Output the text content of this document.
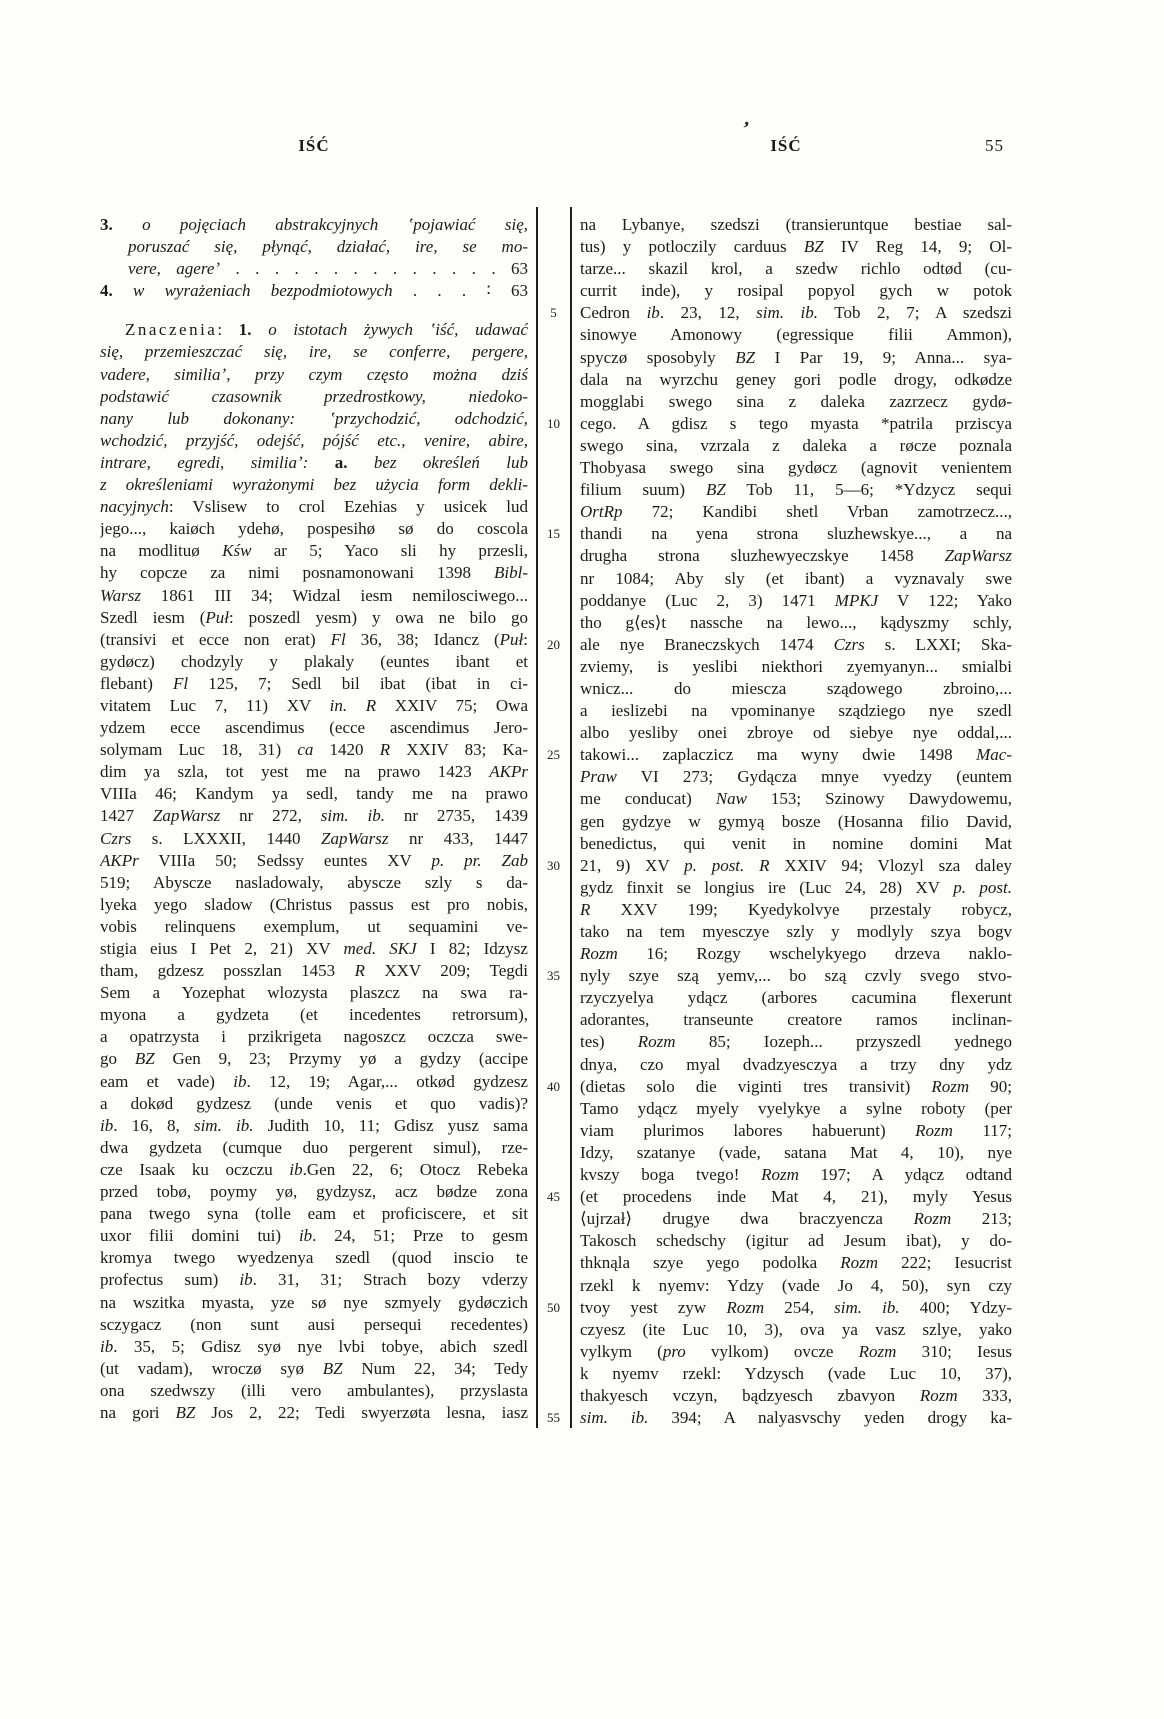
IŚĆ
’
IŚĆ	55
3. o pojęciach abstrakcyjnych ʽpojawiać się,
poruszać się, płynąć, działać, ire, se mo-
vere, agereʼ . . . . . . . . . . . . . . 63
4. w wyrażeniach bezpodmiotowych . . . ∶ 63
Znaczenia: 1. o istotach żywych ʽiść, udawać
się, przemieszczać się, ire, se conferre, pergere,
vadere, similiaʼ, przy czym często można dziś
podstawić czasownik przedrostkowy, niedoko-
nany lub dokonany: ʽprzychodzić, odchodzić,
wchodzić, przyjść, odejść, pójść etc., venire, abire,
intrare, egredi, similiaʼ: a. bez określeń lub
z określeniami wyrażonymi bez użycia form dekli-
nacyjnych: Vslisew to crol Ezehias y usicek lud
jego..., kaiøch ydehø, pospesihø sø do coscola
na modlituø Kśw ar 5; Yaco sli hy przesli,
hy copcze za nimi posnamonowani 1398 Bibl-
Warsz 1861 III 34; Widzal iesm nemilosciwego...
Szedl iesm (Puł: poszedl yesm) y owa ne bilo go
(transivi et ecce non erat) Fl 36, 38; Idancz (Puł:
gydøcz) chodzyly y plakaly (euntes ibant et
flebant) Fl 125, 7; Sedl bil ibat (ibat in ci-
vitatem Luc 7, 11) XV in. R XXIV 75; Owa
ydzem ecce ascendimus (ecce ascendimus Jero-
solymam Luc 18, 31) ca 1420 R XXIV 83; Ka-
dim ya szla, tot yest me na prawo 1423 AKPr
VIIIa 46; Kandym ya sedl, tandy me na prawo
1427 ZapWarsz nr 272, sim. ib. nr 2735, 1439
Czrs s. LXXXII, 1440 ZapWarsz nr 433, 1447
AKPr VIIIa 50; Sedssy euntes XV p. pr. Zab
519; Abyscze nasladowaly, abyscze szly s da-
lyeka yego sladow (Christus passus est pro nobis,
vobis relinquens exemplum, ut sequamini ve-
stigia eius I Pet 2, 21) XV med. SKJ I 82; Idzysz
tham, gdzesz posszlan 1453 R XXV 209; Tegdi
Sem a Yozephat wlozysta plaszcz na swa ra-
myona a gydzeta (et incedentes retrorsum),
a opatrzysta i przikrigeta nagoszcz oczcza swe-
go BZ Gen 9, 23; Przymy yø a gydzy (accipe
eam et vade) ib. 12, 19; Agar,... otkød gydzesz
a dokød gydzesz (unde venis et quo vadis)?
ib. 16, 8, sim. ib. Judith 10, 11; Gdisz yusz sama
dwa gydzeta (cumque duo pergerent simul), rze-
cze Isaak ku oczczu ib.Gen 22, 6; Otocz Rebeka
przed tobø, poymy yø, gydzysz, acz bødze zona
pana twego syna (tolle eam et proficiscere, et sit
uxor filii domini tui) ib. 24, 51; Prze to gesm
kromya twego wyedzenya szedl (quod inscio te
profectus sum) ib. 31, 31; Strach bozy vderzy
na wszitka myasta, yze sø nye szmyely gydøczich
sczygacz (non sunt ausi persequi recedentes)
ib. 35, 5; Gdisz syø nye lvbi tobye, abich szedl
(ut vadam), wroczø syø BZ Num 22, 34; Tedy
ona szedwszy (illi vero ambulantes), przyslasta
na gori BZ Jos 2, 22; Tedi swyerzøta lesna, iasz
5
10
15
20
25
30
35
40
45
50
55
na Lybanye, szedszi (transieruntque bestiae sal-
tus) y potloczily carduus BZ IV Reg 14, 9; Ol-
tarze... skazil krol, a szedw richlo odtød (cu-
currit inde), y rosipal popyol gych w potok
Cedron ib. 23, 12, sim. ib. Tob 2, 7; A szedszi
sinowye Amonowy (egressique filii Ammon),
spyczø sposobyly BZ I Par 19, 9; Anna... sya-
dala na wyrzchu geney gori podle drogy, odkødze
mogglabi swego sina z daleka zazrzecz gydø-
cego. A gdisz s tego myasta *patrila prziscya
swego sina, vzrzala z daleka a røcze poznala
Thobyasa swego sina gydøcz (agnovit venientem
filium suum) BZ Tob 11, 5—6; *Ydzycz sequi
OrtRp 72; Kandibi shetl Vrban zamotrzecz...,
thandi na yena strona sluzhewskye..., a na
drugha strona sluzhewyeczskye 1458 ZapWarsz
nr 1084; Aby sly (et ibant) a vyznavaly swe
poddanye (Luc 2, 3) 1471 MPKJ V 122; Yako
tho g⟨es⟩t nassche na lewo..., kądyszmy schly,
ale nye Braneczskych 1474 Czrs s. LXXI; Ska-
zviemy, is yeslibi niekthori zyemyanyn... smialbi
wnicz... do miescza sządowego zbroino,...
a ieslizebi na vpominanye sządziego nye szedl
albo yesliby onei zbroye od siebye nye oddal,...
takowi... zaplaczicz ma wyny dwie 1498 Mac-
Praw VI 273; Gydącza mnye vyedzy (euntem
me conducat) Naw 153; Szinowy Dawydowemu,
gen gydzye w gymyą bosze (Hosanna filio David,
benedictus, qui venit in nomine domini Mat
21, 9) XV p. post. R XXIV 94; Vlozyl sza daley
gydz finxit se longius ire (Luc 24, 28) XV p. post.
R XXV 199; Kyedykolvye przestaly robycz,
tako na tem myesczye szly y modlyly szya bogv
Rozm 16; Rozgy wschelykyego drzeva naklo-
nyly szye szą yemv,... bo szą czvly svego stvo-
rzyczyelya ydącz (arbores cacumina flexerunt
adorantes, transeunte creatore ramos inclinan-
tes) Rozm 85; Iozeph... przyszedl yednego
dnya, czo myal dvadzyesczya a trzy dny ydz
(dietas solo die viginti tres transivit) Rozm 90;
Tamo ydącz myely vyelykye a sylne roboty (per
viam plurimos labores habuerunt) Rozm 117;
Idzy, szatanye (vade, satana Mat 4, 10), nye
kvszy boga tvego! Rozm 197; A ydącz odtand
(et procedens inde Mat 4, 21), myly Yesus
⟨ujrzał⟩ drugye dwa braczyencza Rozm 213;
Takosch schedschy (igitur ad Jesum ibat), y do-
thknąla szye yego podolka Rozm 222; Iesucrist
rzekl k nyemv: Ydzy (vade Jo 4, 50), syn czy
tvoy yest zyw Rozm 254, sim. ib. 400; Ydzy-
czyesz (ite Luc 10, 3), ova ya vasz szlye, yako
vylkym (pro vylkom) ovcze Rozm 310; Iesus
k nyemv rzekl: Ydzysch (vade Luc 10, 37),
thakyesch vczyn, bądzyesch zbavyon Rozm 333,
sim. ib. 394; A nalyasvschy yeden drogy ka-
